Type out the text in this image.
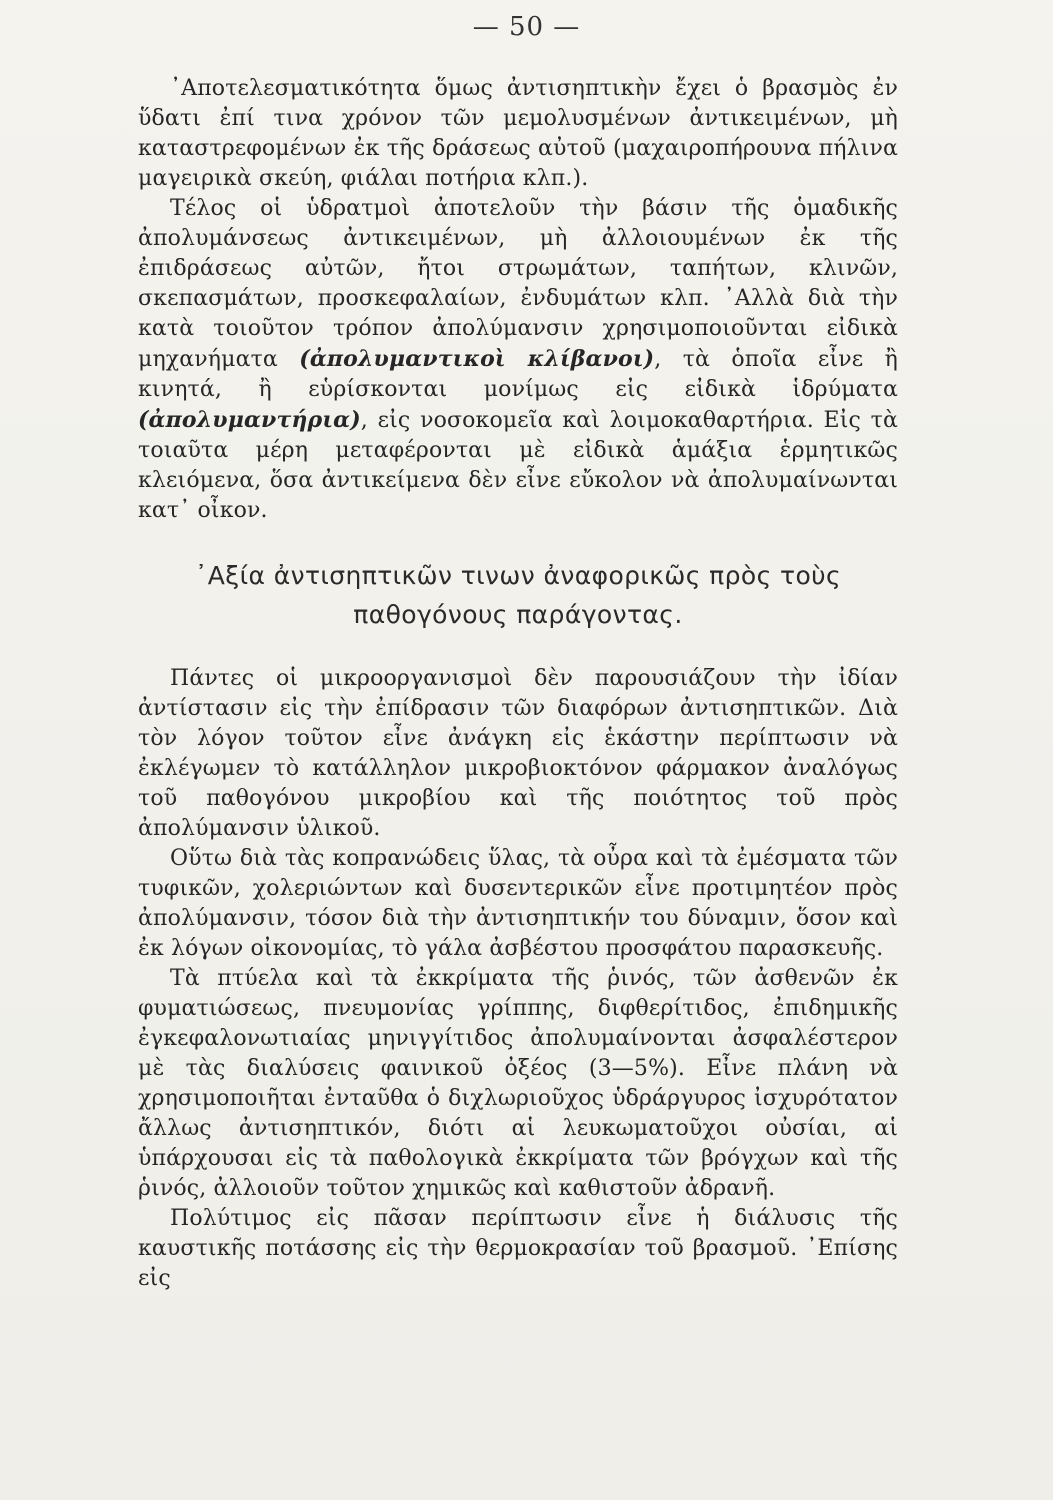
— 50 —

᾽Αποτελεσματικότητα ὅμως ἀντισηπτικὴν ἔχει ὁ βρασμὸς ἐν ὕδατι ἐπί τινα χρόνον τῶν μεμολυσμένων ἀντικειμένων, μὴ καταστρεφομένων ἐκ τῆς δράσεως αὐτοῦ (μαχαιροπήρουνα πήλινα μαγειρικὰ σκεύη, φιάλαι ποτήρια κλπ.).

Τέλος οἱ ὑδρατμοὶ ἀποτελοῦν τὴν βάσιν τῆς ὁμαδικῆς ἀπολυμάνσεως ἀντικειμένων, μὴ ἀλλοιουμένων ἐκ τῆς ἐπιδράσεως αὐτῶν, ἤτοι στρωμάτων, ταπήτων, κλινῶν, σκεπασμάτων, προσκεφαλαίων, ἐνδυμάτων κλπ. ᾽Αλλὰ διὰ τὴν κατὰ τοιοῦτον τρόπον ἀπολύμανσιν χρησιμοποιοῦνται εἰδικὰ μηχανήματα (ἀπολυμαντικοὶ κλίβανοι), τὰ ὁποῖα εἶνε ἢ κινητά, ἢ εὑρίσκονται μονίμως εἰς εἰδικὰ ἱδρύματα (ἀπολυμαντήρια), εἰς νοσοκομεῖα καὶ λοιμοκαθαρτήρια. Εἰς τὰ τοιαῦτα μέρη μεταφέρονται μὲ εἰδικὰ ἁμάξια ἑρμητικῶς κλειόμενα, ὅσα ἀντικείμενα δὲν εἶνε εὔκολον νὰ ἀπολυμαίνωνται κατ᾽ οἶκον.

᾽Αξία ἀντισηπτικῶν τινων ἀναφορικῶς πρὸς τοὺς
παθογόνους παράγοντας.

Πάντες οἱ μικροοργανισμοὶ δὲν παρουσιάζουν τὴν ἰδίαν ἀντίστασιν εἰς τὴν ἐπίδρασιν τῶν διαφόρων ἀντισηπτικῶν. Διὰ τὸν λόγον τοῦτον εἶνε ἀνάγκη εἰς ἑκάστην περίπτωσιν νὰ ἐκλέγωμεν τὸ κατάλληλον μικροβιοκτόνον φάρμακον ἀναλόγως τοῦ παθογόνου μικροβίου καὶ τῆς ποιότητος τοῦ πρὸς ἀπολύμανσιν ὑλικοῦ.

Οὕτω διὰ τὰς κοπρανώδεις ὕλας, τὰ οὖρα καὶ τὰ ἐμέσματα τῶν τυφικῶν, χολεριώντων καὶ δυσεντερικῶν εἶνε προτιμητέον πρὸς ἀπολύμανσιν, τόσον διὰ τὴν ἀντισηπτικήν του δύναμιν, ὅσον καὶ ἐκ λόγων οἰκονομίας, τὸ γάλα ἀσβέστου προσφάτου παρασκευῆς.

Τὰ πτύελα καὶ τὰ ἐκκρίματα τῆς ῥινός, τῶν ἀσθενῶν ἐκ φυματιώσεως, πνευμονίας γρίππης, διφθερίτιδος, ἐπιδημικῆς ἐγκεφαλονωτιαίας μηνιγγίτιδος ἀπολυμαίνονται ἀσφαλέστερον μὲ τὰς διαλύσεις φαινικοῦ ὀξέος (3—5%). Εἶνε πλάνη νὰ χρησιμοποιῆται ἐνταῦθα ὁ διχλωριοῦχος ὑδράργυρος ἰσχυρότατον ἄλλως ἀντισηπτικόν, διότι αἱ λευκωματοῦχοι οὐσίαι, αἱ ὑπάρχουσαι εἰς τὰ παθολογικὰ ἐκκρίματα τῶν βρόγχων καὶ τῆς ῥινός, ἀλλοιοῦν τοῦτον χημικῶς καὶ καθιστοῦν ἀδρανῆ.

Πολύτιμος εἰς πᾶσαν περίπτωσιν εἶνε ἡ διάλυσις τῆς καυστικῆς ποτάσσης εἰς τὴν θερμοκρασίαν τοῦ βρασμοῦ. ᾽Επίσης εἰς
